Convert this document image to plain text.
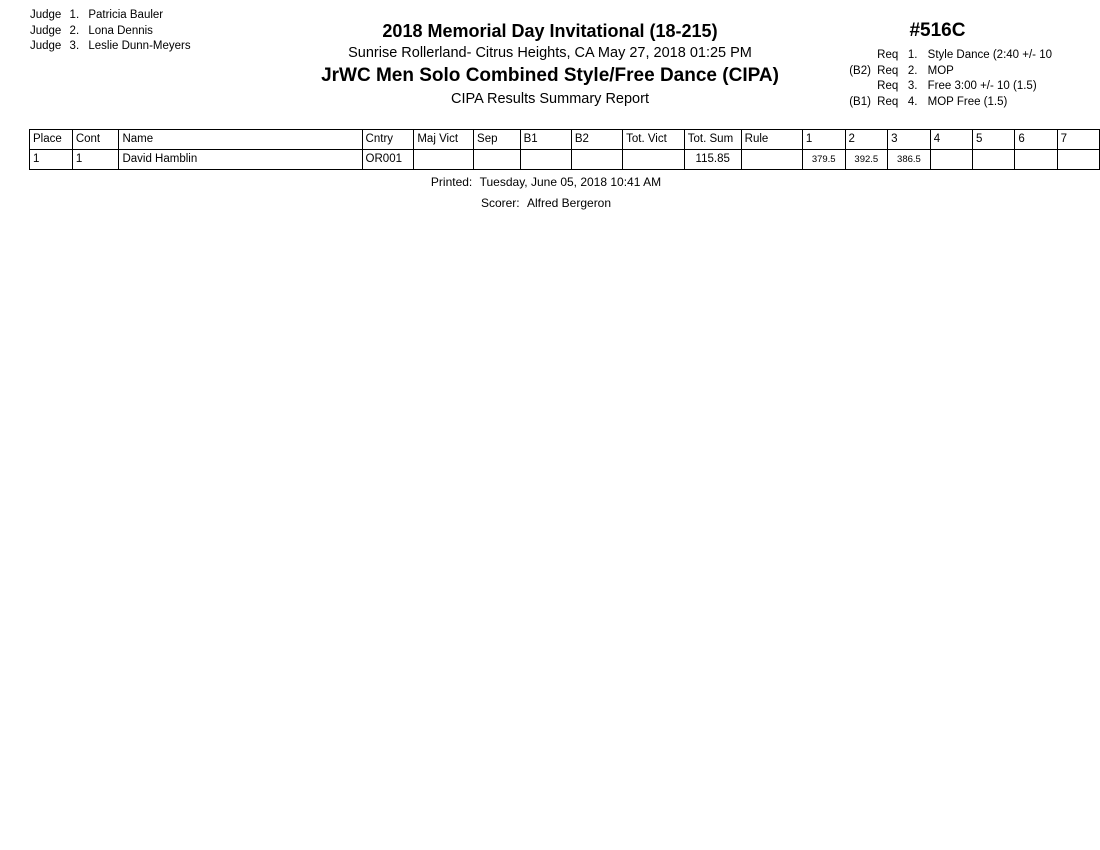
Judge 1. Patricia Bauler
Judge 2. Lona Dennis
Judge 3. Leslie Dunn-Meyers
2018 Memorial Day Invitational (18-215)
Sunrise Rollerland- Citrus Heights, CA May 27, 2018 01:25 PM
JrWC Men Solo Combined Style/Free Dance (CIPA)
CIPA Results Summary Report
#516C
Req 1. Style Dance (2:40 +/- 10
(B2) Req 2. MOP
Req 3. Free 3:00 +/- 10 (1.5)
(B1) Req 4. MOP Free (1.5)
Place	Cont	Name	Cntry	Maj Vict	Sep	B1	B2	Tot. Vict	Tot. Sum	Rule	1	2	3	4	5	6	7
1	1	David Hamblin	OR001						115.85		379.5	392.5	386.5				
Printed: Tuesday, June 05, 2018 10:41 AM
Scorer: Alfred Bergeron
